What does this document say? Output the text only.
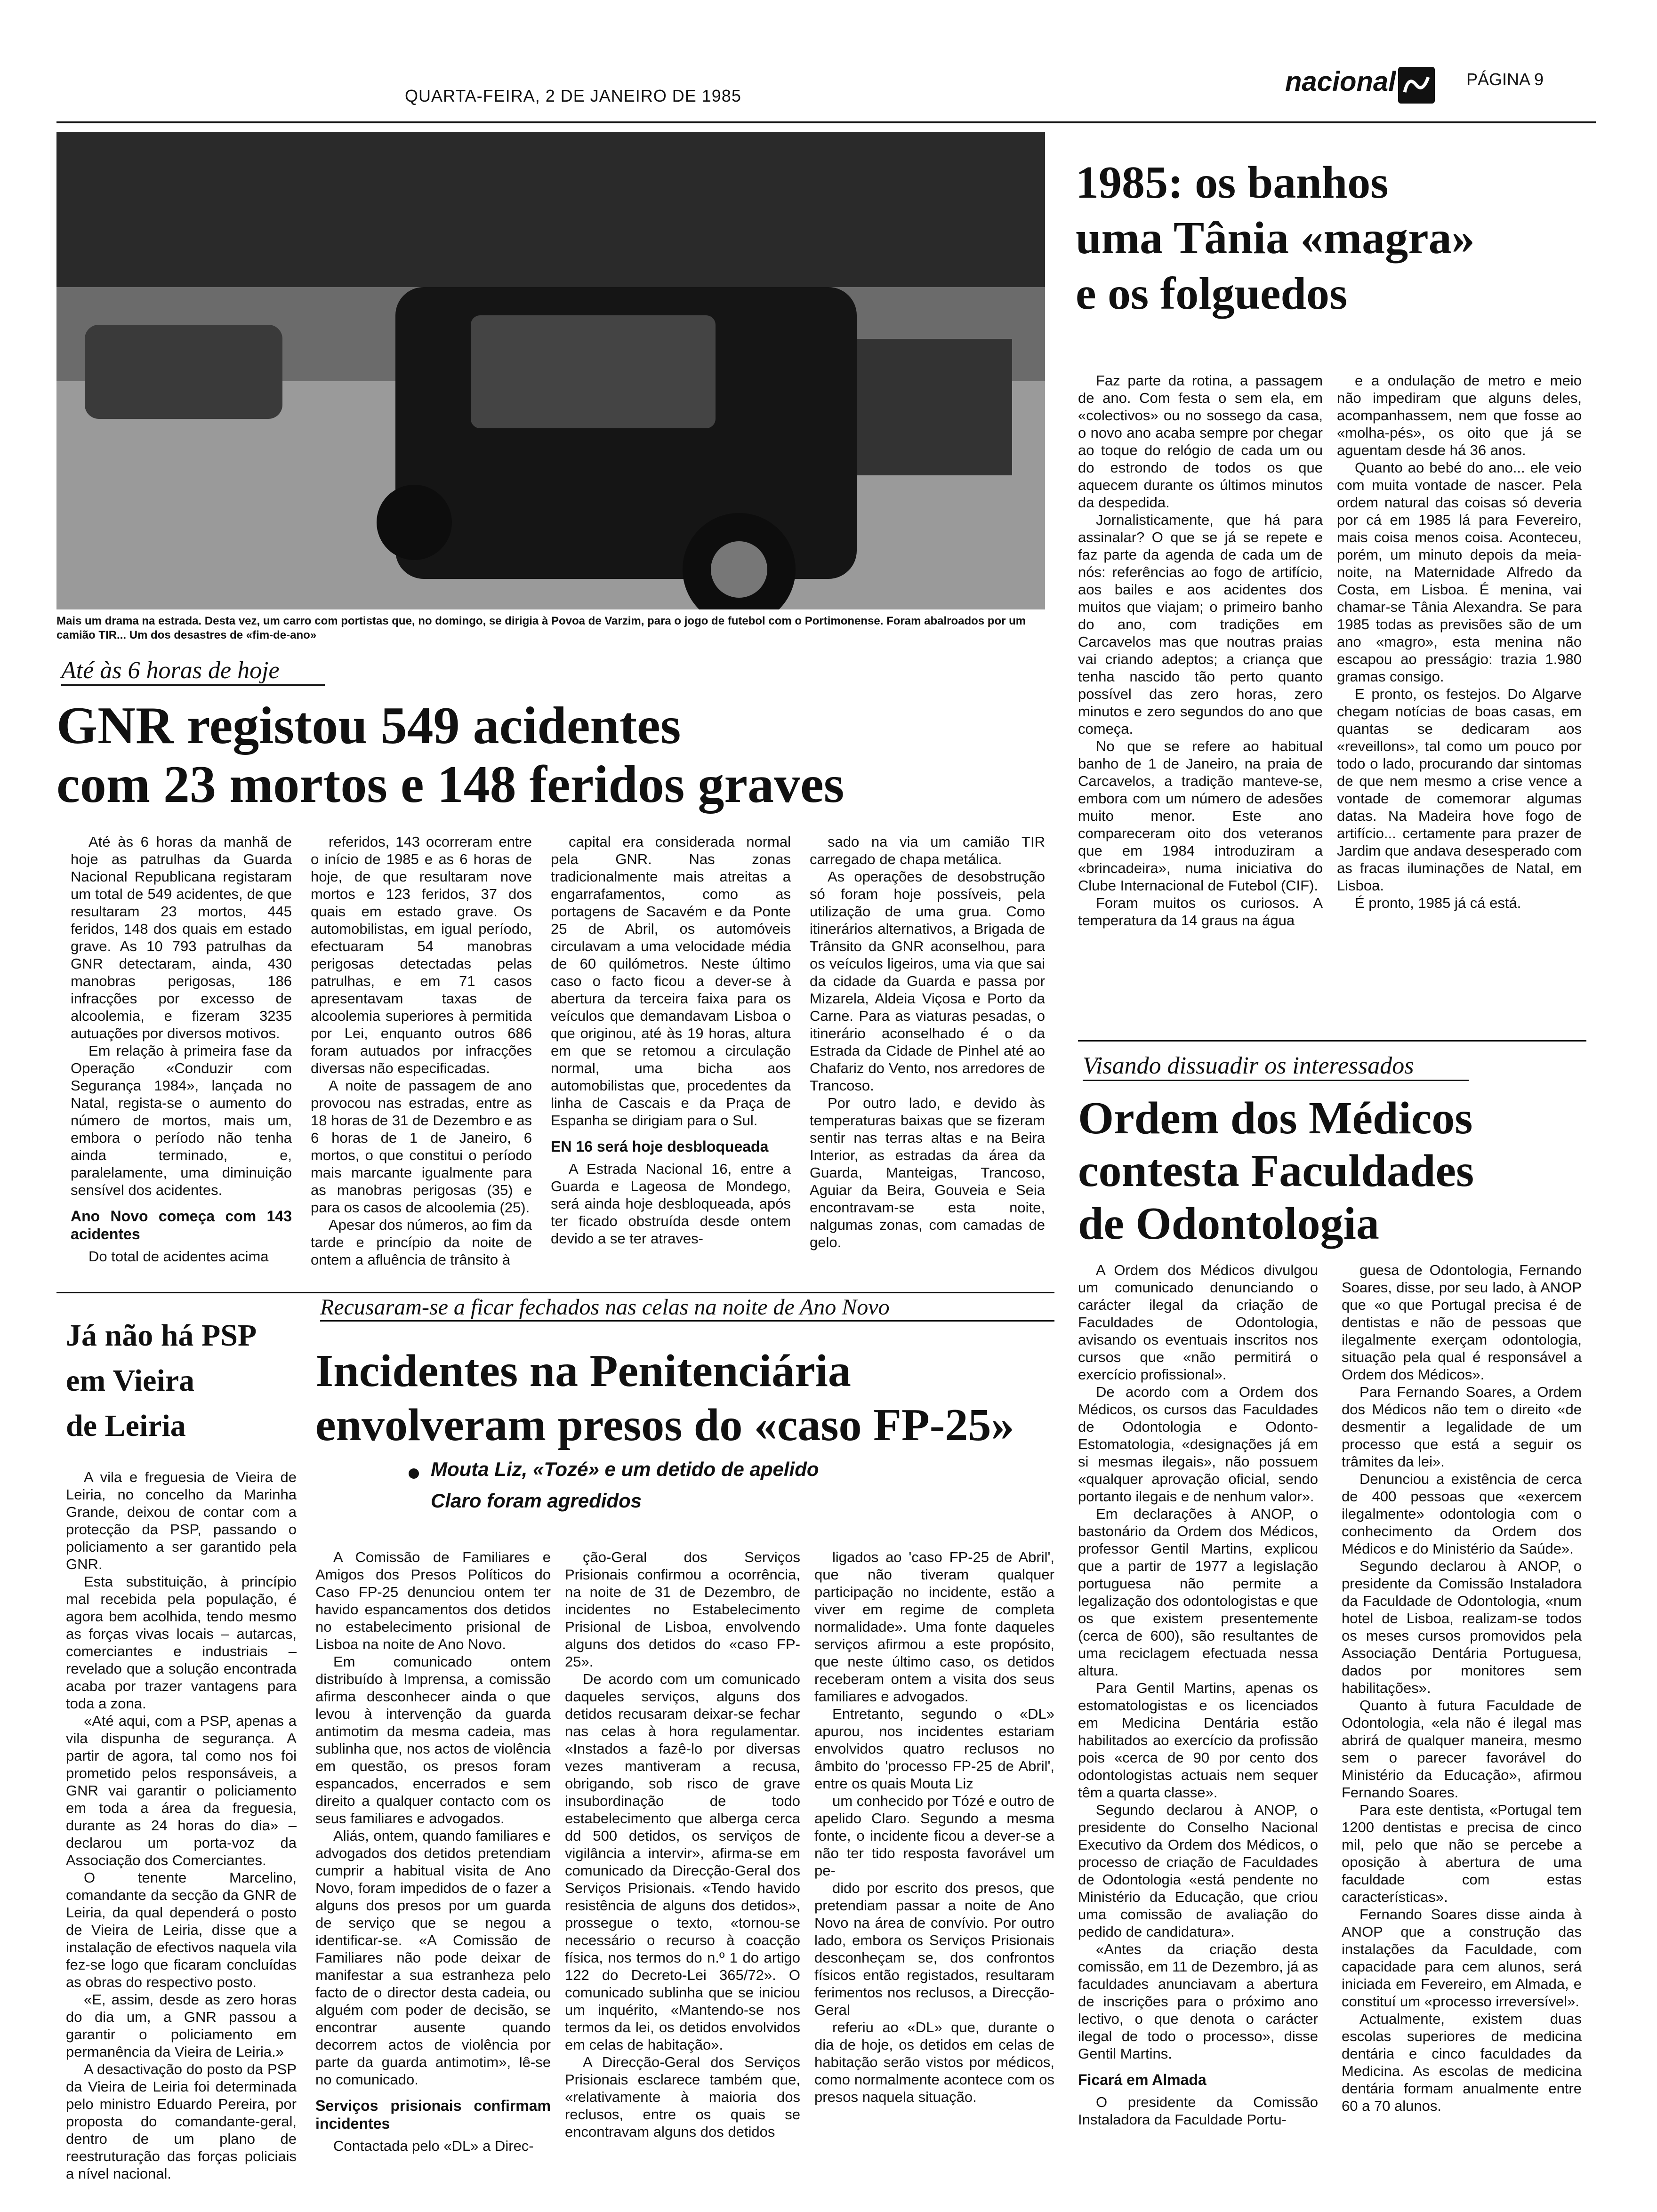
QUARTA-FEIRA, 2 DE JANEIRO DE 1985	nacional	PÁGINA 9
Mais um drama na estrada. Desta vez, um carro com portistas que, no domingo, se dirigia à Povoa de Varzim, para o jogo de futebol com o Portimonense. Foram abalroados por um camião TIR... Um dos desastres de «fim-de-ano»
1985: os banhos
uma Tânia «magra»
e os folguedos

Faz parte da rotina, a passagem de ano. Com festa o sem ela, em «colectivos» ou no sossego da casa, o novo ano acaba sempre por chegar ao toque do relógio de cada um ou do estrondo de todos os que aquecem durante os últimos minutos da despedida.

Jornalisticamente, que há para assinalar? O que se já se repete e faz parte da agenda de cada um de nós: referências ao fogo de artifício, aos bailes e aos acidentes dos muitos que viajam; o primeiro banho do ano, com tradições em Carcavelos mas que noutras praias vai criando adeptos; a criança que tenha nascido tão perto quanto possível das zero horas, zero minutos e zero segundos do ano que começa.

No que se refere ao habitual banho de 1 de Janeiro, na praia de Carcavelos, a tradição manteve-se, embora com um número de adesões muito menor. Este ano compareceram oito dos veteranos que em 1984 introduziram a «brincadeira», numa iniciativa do Clube Internacional de Futebol (CIF).

Foram muitos os curiosos. A temperatura da 14 graus na água

e a ondulação de metro e meio não impediram que alguns deles, acompanhassem, nem que fosse ao «molha-pés», os oito que já se aguentam desde há 36 anos.

Quanto ao bebé do ano... ele veio com muita vontade de nascer. Pela ordem natural das coisas só deveria por cá em 1985 lá para Fevereiro, mais coisa menos coisa. Aconteceu, porém, um minuto depois da meia-noite, na Maternidade Alfredo da Costa, em Lisboa. É menina, vai chamar-se Tânia Alexandra. Se para 1985 todas as previsões são de um ano «magro», esta menina não escapou ao presságio: trazia 1.980 gramas consigo.

E pronto, os festejos. Do Algarve chegam notícias de boas casas, em quantas se dedicaram aos «reveillons», tal como um pouco por todo o lado, procurando dar sintomas de que nem mesmo a crise vence a vontade de comemorar algumas datas. Na Madeira hove fogo de artifício... certamente para prazer de Jardim que andava desesperado com as fracas iluminações de Natal, em Lisboa.

É pronto, 1985 já cá está.

Até às 6 horas de hoje
GNR registou 549 acidentes
com 23 mortos e 148 feridos graves

Até às 6 horas da manhã de hoje as patrulhas da Guarda Nacional Republicana registaram um total de 549 acidentes, de que resultaram 23 mortos, 445 feridos, 148 dos quais em estado grave. As 10 793 patrulhas da GNR detectaram, ainda, 430 manobras perigosas, 186 infracções por excesso de alcoolemia, e fizeram 3235 autuações por diversos motivos.

Em relação à primeira fase da Operação «Conduzir com Segurança 1984», lançada no Natal, regista-se o aumento do número de mortos, mais um, embora o período não tenha ainda terminado, e, paralelamente, uma diminuição sensível dos acidentes.

Ano Novo começa com 143 acidentes

Do total de acidentes acima

referidos, 143 ocorreram entre o início de 1985 e as 6 horas de hoje, de que resultaram nove mortos e 123 feridos, 37 dos quais em estado grave. Os automobilistas, em igual período, efectuaram 54 manobras perigosas detectadas pelas patrulhas, e em 71 casos apresentavam taxas de alcoolemia superiores à permitida por Lei, enquanto outros 686 foram autuados por infracções diversas não especificadas.

A noite de passagem de ano provocou nas estradas, entre as 18 horas de 31 de Dezembro e as 6 horas de 1 de Janeiro, 6 mortos, o que constitui o período mais marcante igualmente para as manobras perigosas (35) e para os casos de alcoolemia (25).

Apesar dos números, ao fim da tarde e princípio da noite de ontem a afluência de trânsito à

capital era considerada normal pela GNR. Nas zonas tradicionalmente mais atreitas a engarrafamentos, como as portagens de Sacavém e da Ponte 25 de Abril, os automóveis circulavam a uma velocidade média de 60 quilómetros. Neste último caso o facto ficou a dever-se à abertura da terceira faixa para os veículos que demandavam Lisboa o que originou, até às 19 horas, altura em que se retomou a circulação normal, uma bicha aos automobilistas que, procedentes da linha de Cascais e da Praça de Espanha se dirigiam para o Sul.

EN 16 será hoje desbloqueada

A Estrada Nacional 16, entre a Guarda e Lageosa de Mondego, será ainda hoje desbloqueada, após ter ficado obstruída desde ontem devido a se ter atraves-

sado na via um camião TIR carregado de chapa metálica.

As operações de desobstrução só foram hoje possíveis, pela utilização de uma grua. Como itinerários alternativos, a Brigada de Trânsito da GNR aconselhou, para os veículos ligeiros, uma via que sai da cidade da Guarda e passa por Mizarela, Aldeia Viçosa e Porto da Carne. Para as viaturas pesadas, o itinerário aconselhado é o da Estrada da Cidade de Pinhel até ao Chafariz do Vento, nos arredores de Trancoso.

Por outro lado, e devido às temperaturas baixas que se fizeram sentir nas terras altas e na Beira Interior, as estradas da área da Guarda, Manteigas, Trancoso, Aguiar da Beira, Gouveia e Seia encontravam-se esta noite, nalgumas zonas, com camadas de gelo.

Visando dissuadir os interessados
Ordem dos Médicos
contesta Faculdades
de Odontologia

A Ordem dos Médicos divulgou um comunicado denunciando o carácter ilegal da criação de Faculdades de Odontologia, avisando os eventuais inscritos nos cursos que «não permitirá o exercício profissional».

De acordo com a Ordem dos Médicos, os cursos das Faculdades de Odontologia e Odonto-Estomatologia, «designações já em si mesmas ilegais», não possuem «qualquer aprovação oficial, sendo portanto ilegais e de nenhum valor».

Em declarações à ANOP, o bastonário da Ordem dos Médicos, professor Gentil Martins, explicou que a partir de 1977 a legislação portuguesa não permite a legalização dos odontologistas e que os que existem presentemente (cerca de 600), são resultantes de uma reciclagem efectuada nessa altura.

Para Gentil Martins, apenas os estomatologistas e os licenciados em Medicina Dentária estão habilitados ao exercício da profissão pois «cerca de 90 por cento dos odontologistas actuais nem sequer têm a quarta classe».

Segundo declarou à ANOP, o presidente do Conselho Nacional Executivo da Ordem dos Médicos, o processo de criação de Faculdades de Odontologia «está pendente no Ministério da Educação, que criou uma comissão de avaliação do pedido de candidatura».

«Antes da criação desta comissão, em 11 de Dezembro, já as faculdades anunciavam a abertura de inscrições para o próximo ano lectivo, o que denota o carácter ilegal de todo o processo», disse Gentil Martins.

Ficará em Almada

O presidente da Comissão Instaladora da Faculdade Portu-

guesa de Odontologia, Fernando Soares, disse, por seu lado, à ANOP que «o que Portugal precisa é de dentistas e não de pessoas que ilegalmente exerçam odontologia, situação pela qual é responsável a Ordem dos Médicos».

Para Fernando Soares, a Ordem dos Médicos não tem o direito «de desmentir a legalidade de um processo que está a seguir os trâmites da lei».

Denunciou a existência de cerca de 400 pessoas que «exercem ilegalmente» odontologia com o conhecimento da Ordem dos Médicos e do Ministério da Saúde».

Segundo declarou à ANOP, o presidente da Comissão Instaladora da Faculdade de Odontologia, «num hotel de Lisboa, realizam-se todos os meses cursos promovidos pela Associação Dentária Portuguesa, dados por monitores sem habilitações».

Quanto à futura Faculdade de Odontologia, «ela não é ilegal mas abrirá de qualquer maneira, mesmo sem o parecer favorável do Ministério da Educação», afirmou Fernando Soares.

Para este dentista, «Portugal tem 1200 dentistas e precisa de cinco mil, pelo que não se percebe a oposição à abertura de uma faculdade com estas características».

Fernando Soares disse ainda à ANOP que a construção das instalações da Faculdade, com capacidade para cem alunos, será iniciada em Fevereiro, em Almada, e constituí um «processo irreversível».

Actualmente, existem duas escolas superiores de medicina dentária e cinco faculdades da Medicina. As escolas de medicina dentária formam anualmente entre 60 a 70 alunos.

Já não há PSP
em Vieira
de Leiria

A vila e freguesia de Vieira de Leiria, no concelho da Marinha Grande, deixou de contar com a protecção da PSP, passando o policiamento a ser garantido pela GNR.

Esta substituição, à princípio mal recebida pela população, é agora bem acolhida, tendo mesmo as forças vivas locais – autarcas, comerciantes e industriais – revelado que a solução encontrada acaba por trazer vantagens para toda a zona.

«Até aqui, com a PSP, apenas a vila dispunha de segurança. A partir de agora, tal como nos foi prometido pelos responsáveis, a GNR vai garantir o policiamento em toda a área da freguesia, durante as 24 horas do dia» – declarou um porta-voz da Associação dos Comerciantes.

O tenente Marcelino, comandante da secção da GNR de Leiria, da qual dependerá o posto de Vieira de Leiria, disse que a instalação de efectivos naquela vila fez-se logo que ficaram concluídas as obras do respectivo posto.

«E, assim, desde as zero horas do dia um, a GNR passou a garantir o policiamento em permanência da Vieira de Leiria.»

A desactivação do posto da PSP da Vieira de Leiria foi determinada pelo ministro Eduardo Pereira, por proposta do comandante-geral, dentro de um plano de reestruturação das forças policiais a nível nacional.

Recusaram-se a ficar fechados nas celas na noite de Ano Novo
Incidentes na Penitenciária
envolveram presos do «caso FP-25»
Mouta Liz, «Tozé» e um detido de apelido
Claro foram agredidos

A Comissão de Familiares e Amigos dos Presos Políticos do Caso FP-25 denunciou ontem ter havido espancamentos dos detidos no estabelecimento prisional de Lisboa na noite de Ano Novo.

Em comunicado ontem distribuído à Imprensa, a comissão afirma desconhecer ainda o que levou à intervenção da guarda antimotim da mesma cadeia, mas sublinha que, nos actos de violência em questão, os presos foram espancados, encerrados e sem direito a qualquer contacto com os seus familiares e advogados.

Aliás, ontem, quando familiares e advogados dos detidos pretendiam cumprir a habitual visita de Ano Novo, foram impedidos de o fazer a alguns dos presos por um guarda de serviço que se negou a identificar-se. «A Comissão de Familiares não pode deixar de manifestar a sua estranheza pelo facto de o director desta cadeia, ou alguém com poder de decisão, se encontrar ausente quando decorrem actos de violência por parte da guarda antimotim», lê-se no comunicado.

Serviços prisionais confirmam incidentes

Contactada pelo «DL» a Direc-

ção-Geral dos Serviços Prisionais confirmou a ocorrência, na noite de 31 de Dezembro, de incidentes no Estabelecimento Prisional de Lisboa, envolvendo alguns dos detidos do «caso FP-25».

De acordo com um comunicado daqueles serviços, alguns dos detidos recusaram deixar-se fechar nas celas à hora regulamentar. «Instados a fazê-lo por diversas vezes mantiveram a recusa, obrigando, sob risco de grave insubordinação de todo estabelecimento que alberga cerca dd 500 detidos, os serviços de vigilância a intervir», afirma-se em comunicado da Direcção-Geral dos Serviços Prisionais. «Tendo havido resistência de alguns dos detidos», prossegue o texto, «tornou-se necessário o recurso à coacção física, nos termos do n.º 1 do artigo 122 do Decreto-Lei 365/72». O comunicado sublinha que se iniciou um inquérito, «Mantendo-se nos termos da lei, os detidos envolvidos em celas de habitação».

A Direcção-Geral dos Serviços Prisionais esclarece também que, «relativamente à maioria dos reclusos, entre os quais se encontravam alguns dos detidos

ligados ao 'caso FP-25 de Abril', que não tiveram qualquer participação no incidente, estão a viver em regime de completa normalidade». Uma fonte daqueles serviços afirmou a este propósito, que neste último caso, os detidos receberam ontem a visita dos seus familiares e advogados.

Entretanto, segundo o «DL» apurou, nos incidentes estariam envolvidos quatro reclusos no âmbito do 'processo FP-25 de Abril', entre os quais Mouta Liz

um conhecido por Tózé e outro de apelido Claro. Segundo a mesma fonte, o incidente ficou a dever-se a não ter tido resposta favorável um pe-

dido por escrito dos presos, que pretendiam passar a noite de Ano Novo na área de convívio. Por outro lado, embora os Serviços Prisionais desconheçam se, dos confrontos físicos então registados, resultaram ferimentos nos reclusos, a Direcção-Geral

referiu ao «DL» que, durante o dia de hoje, os detidos em celas de habitação serão vistos por médicos, como normalmente acontece com os presos naquela situação.
